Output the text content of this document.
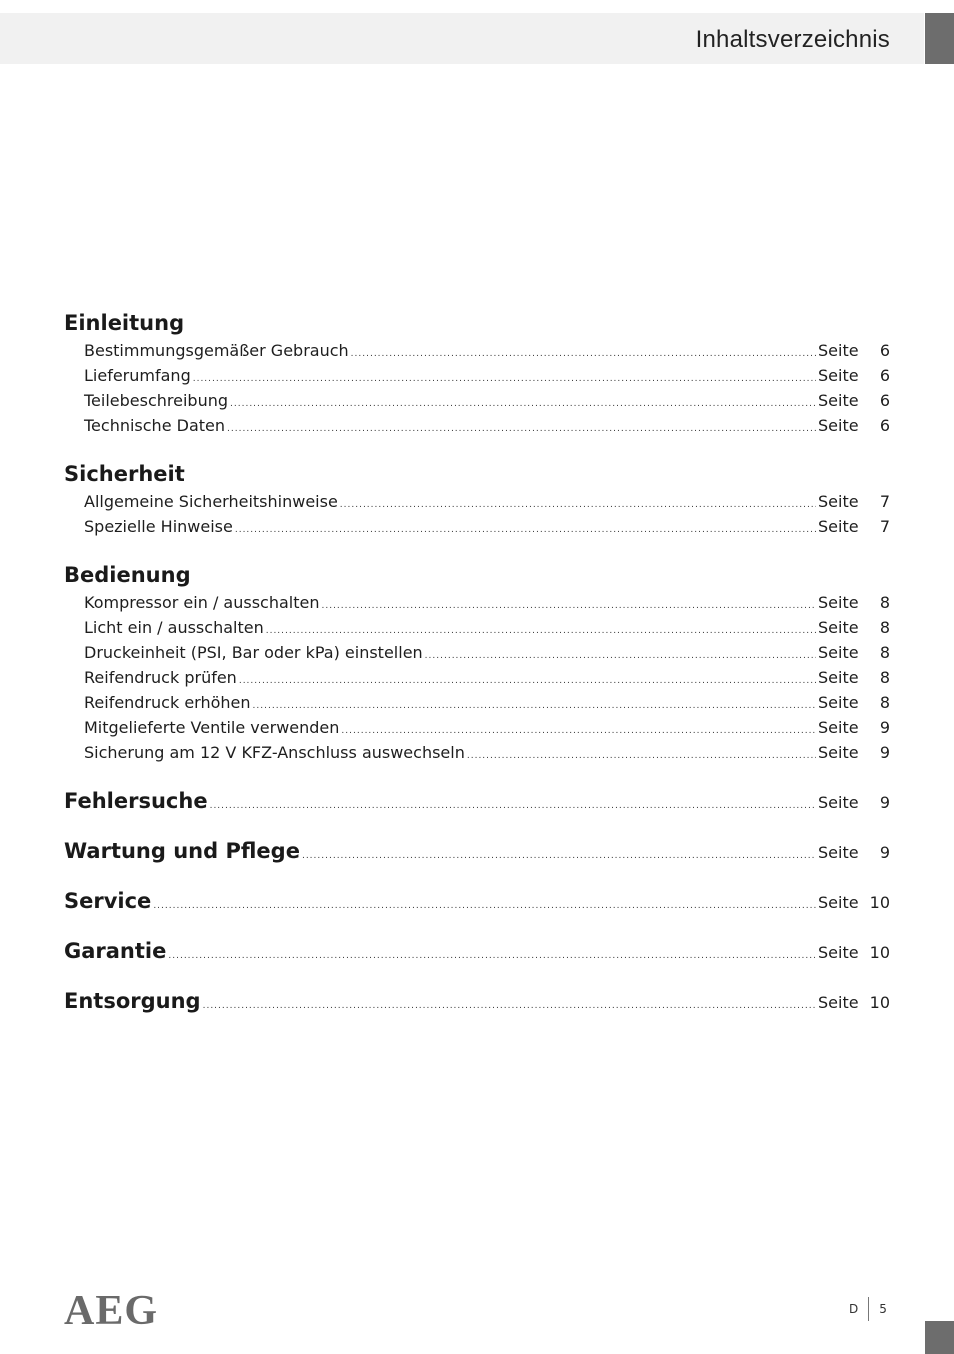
Inhaltsverzeichnis
Einleitung
Bestimmungsgemäßer Gebrauch .....	Seite	6
Lieferumfang .....	Seite	6
Teilebeschreibung .....	Seite	6
Technische Daten .....	Seite	6
Sicherheit
Allgemeine Sicherheitshinweise .....	Seite	7
Spezielle Hinweise .....	Seite	7
Bedienung
Kompressor ein / ausschalten .....	Seite	8
Licht ein / ausschalten .....	Seite	8
Druckeinheit (PSI, Bar oder kPa) einstellen .....	Seite	8
Reifendruck prüfen .....	Seite	8
Reifendruck erhöhen .....	Seite	8
Mitgelieferte Ventile verwenden .....	Seite	9
Sicherung am 12 V KFZ-Anschluss auswechseln .....	Seite	9
Fehlersuche .....	Seite	9
Wartung und Pflege .....	Seite	9
Service .....	Seite 10
Garantie .....	Seite 10
Entsorgung .....	Seite 10
AEG	D 5
